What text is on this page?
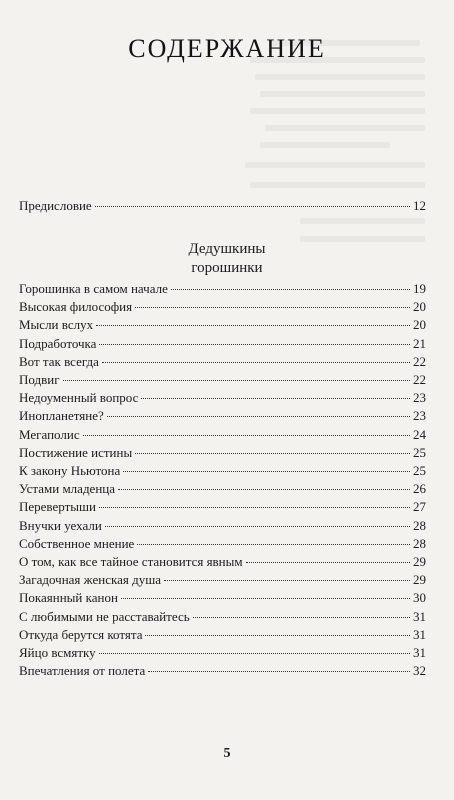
СОДЕРЖАНИЕ
Предисловие	12
Дедушкины
горошинки
Горошинка в самом начале	19
Высокая философия	20
Мысли вслух	20
Подработочка	21
Вот так всегда	22
Подвиг	22
Недоуменный вопрос	23
Инопланетяне?	23
Мегаполис	24
Постижение истины	25
К закону Ньютона	25
Устами младенца	26
Перевертыши	27
Внучки уехали	28
Собственное мнение	28
О том, как все тайное становится явным	29
Загадочная женская душа	29
Покаянный канон	30
С любимыми не расставайтесь	31
Откуда берутся котята	31
Яйцо всмятку	31
Впечатления от полета	32
5
